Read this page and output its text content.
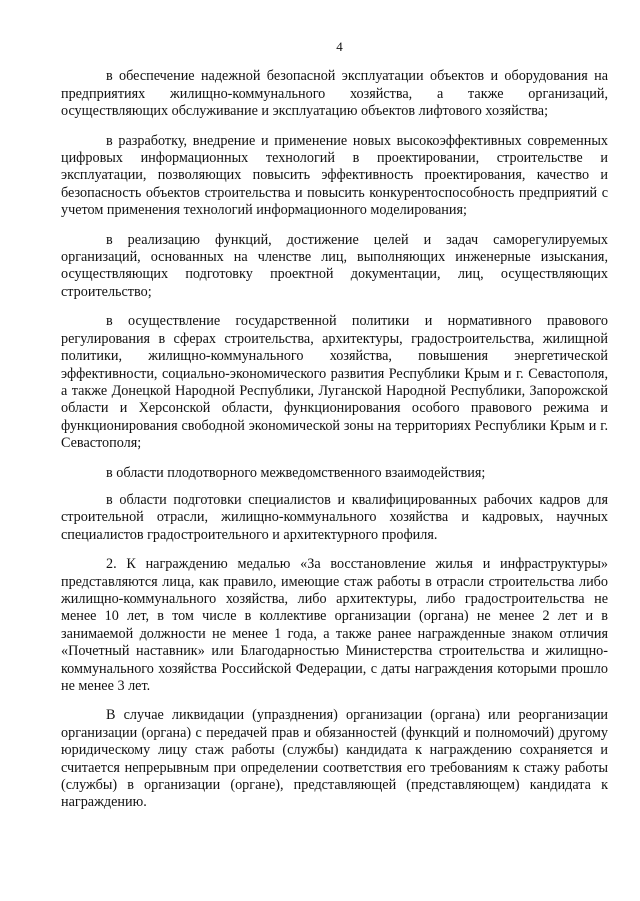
4

в обеспечение надежной безопасной эксплуатации объектов и оборудования на предприятиях жилищно-коммунального хозяйства, а также организаций, осуществляющих обслуживание и эксплуатацию объектов лифтового хозяйства;

в разработку, внедрение и применение новых высокоэффективных современных цифровых информационных технологий в проектировании, строительстве и эксплуатации, позволяющих повысить эффективность проектирования, качество и безопасность объектов строительства и повысить конкурентоспособность предприятий с учетом применения технологий информационного моделирования;

в реализацию функций, достижение целей и задач саморегулируемых организаций, основанных на членстве лиц, выполняющих инженерные изыскания, осуществляющих подготовку проектной документации, лиц, осуществляющих строительство;

в осуществление государственной политики и нормативного правового регулирования в сферах строительства, архитектуры, градостроительства, жилищной политики, жилищно-коммунального хозяйства, повышения энергетической эффективности, социально-экономического развития Республики Крым и г. Севастополя, а также Донецкой Народной Республики, Луганской Народной Республики, Запорожской области и Херсонской области, функционирования особого правового режима и функционирования свободной экономической зоны на территориях Республики Крым и г. Севастополя;

в области плодотворного межведомственного взаимодействия;

в области подготовки специалистов и квалифицированных рабочих кадров для строительной отрасли, жилищно-коммунального хозяйства и кадровых, научных специалистов градостроительного и архитектурного профиля.

2. К награждению медалью «За восстановление жилья и инфраструктуры» представляются лица, как правило, имеющие стаж работы в отрасли строительства либо жилищно-коммунального хозяйства, либо архитектуры, либо градостроительства не менее 10 лет, в том числе в коллективе организации (органа) не менее 2 лет и в занимаемой должности не менее 1 года, а также ранее награжденные знаком отличия «Почетный наставник» или Благодарностью Министерства строительства и жилищно-коммунального хозяйства Российской Федерации, с даты награждения которыми прошло не менее 3 лет.

В случае ликвидации (упразднения) организации (органа) или реорганизации организации (органа) с передачей прав и обязанностей (функций и полномочий) другому юридическому лицу стаж работы (службы) кандидата к награждению сохраняется и считается непрерывным при определении соответствия его требованиям к стажу работы (службы) в организации (органе), представляющей (представляющем) кандидата к награждению.
